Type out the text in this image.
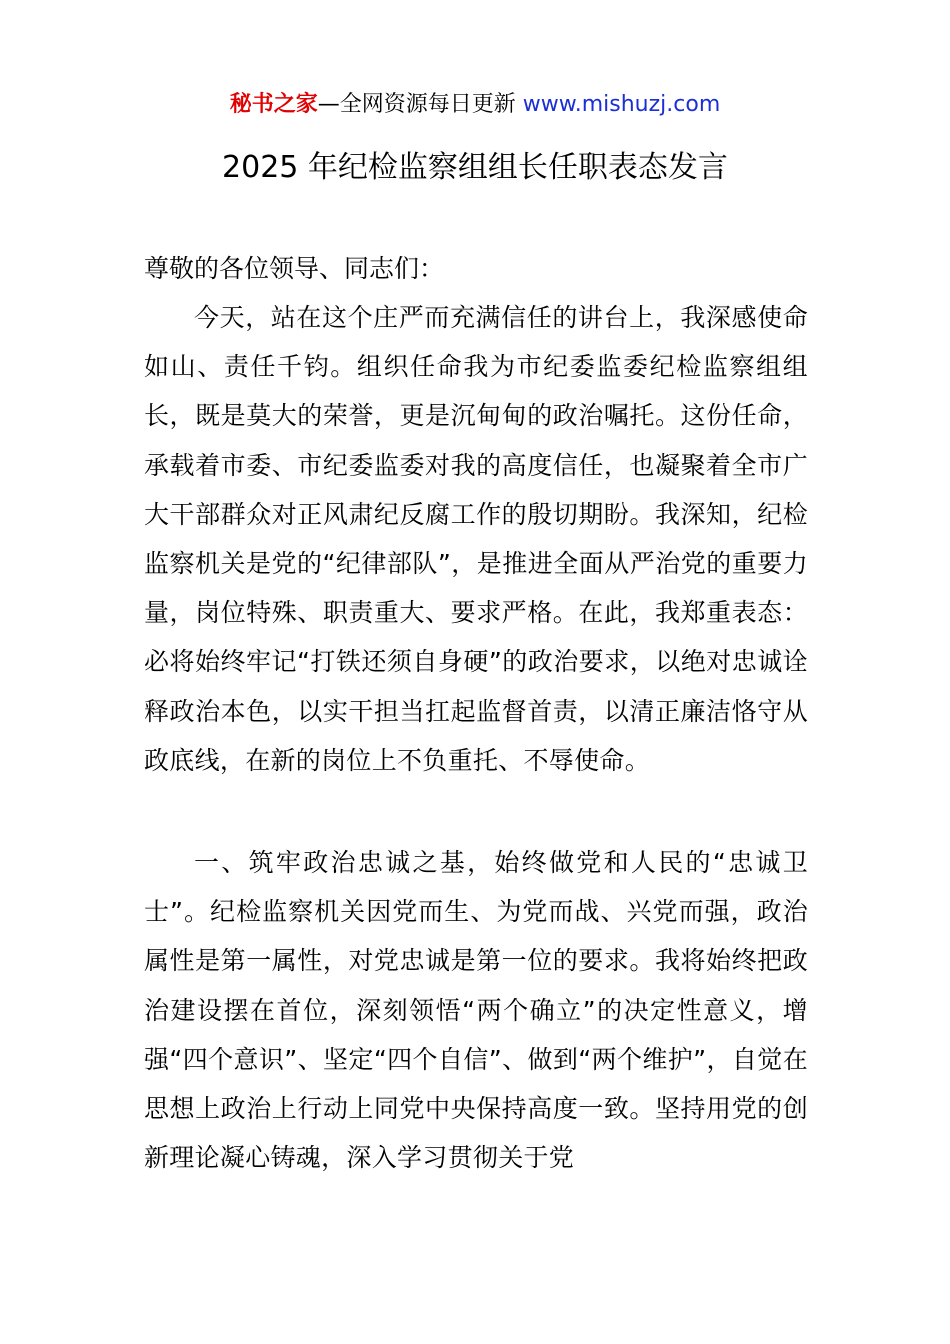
秘书之家—全网资源每日更新 www.mishuzj.com
2025 年纪检监察组组长任职表态发言
尊敬的各位领导、同志们：
今天，站在这个庄严而充满信任的讲台上，我深感使命如山、责任千钧。组织任命我为市纪委监委纪检监察组组长，既是莫大的荣誉，更是沉甸甸的政治嘱托。这份任命，承载着市委、市纪委监委对我的高度信任，也凝聚着全市广大干部群众对正风肃纪反腐工作的殷切期盼。我深知，纪检监察机关是党的“纪律部队”，是推进全面从严治党的重要力量，岗位特殊、职责重大、要求严格。在此，我郑重表态：必将始终牢记“打铁还须自身硬”的政治要求，以绝对忠诚诠释政治本色，以实干担当扛起监督首责，以清正廉洁恪守从政底线，在新的岗位上不负重托、不辱使命。
一、筑牢政治忠诚之基，始终做党和人民的“忠诚卫士”。纪检监察机关因党而生、为党而战、兴党而强，政治属性是第一属性，对党忠诚是第一位的要求。我将始终把政治建设摆在首位，深刻领悟“两个确立”的决定性意义，增强“四个意识”、坚定“四个自信”、做到“两个维护”，自觉在思想上政治上行动上同党中央保持高度一致。坚持用党的创新理论凝心铸魂，深入学习贯彻关于党
